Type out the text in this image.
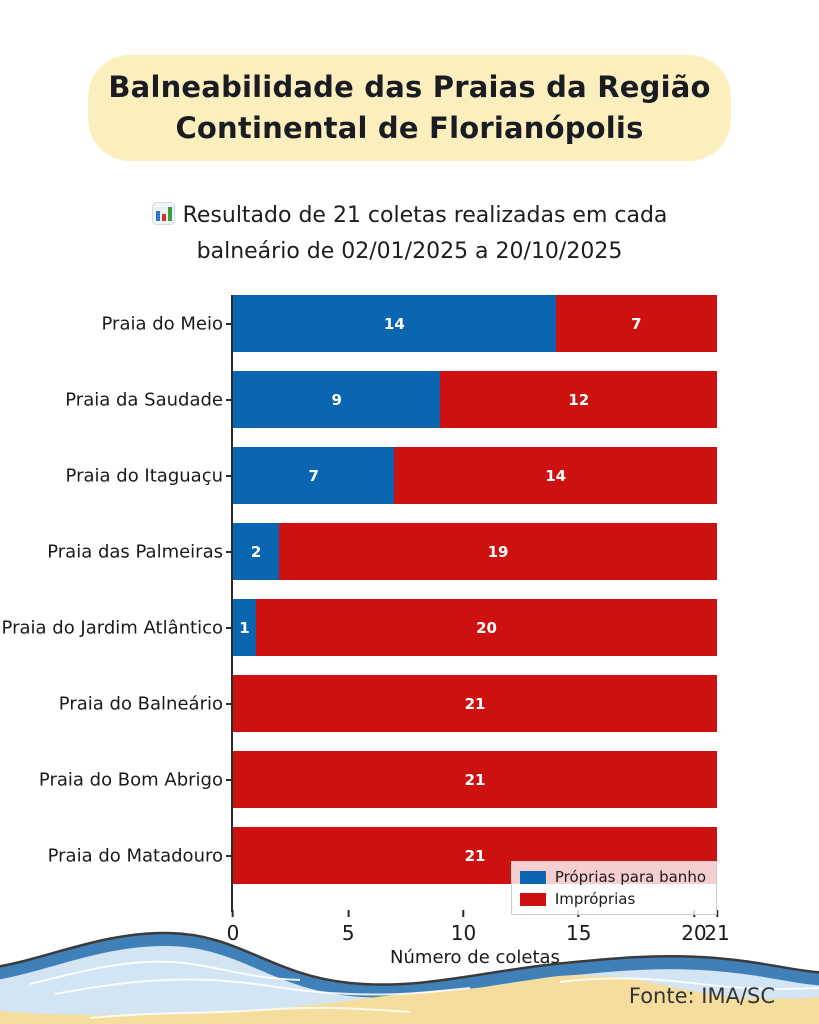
Balneabilidade das Praias da Região
Continental de Florianópolis
Resultado de 21 coletas realizadas em cada
balneário de 02/01/2025 a 20/10/2025
Praia do Meio	14	7
Praia da Saudade	9	12
Praia do Itaguaçu	7	14
Praia das Palmeiras 2	19
Praia do Jardim Atlântico 1	20
Praia do Balneário	21
Praia do Bom Abrigo	21
Praia do Matadouro	21
0	5	10	15	20
21
Número de coletas
Próprias para banho
Impróprias
Fonte: IMA/SC
